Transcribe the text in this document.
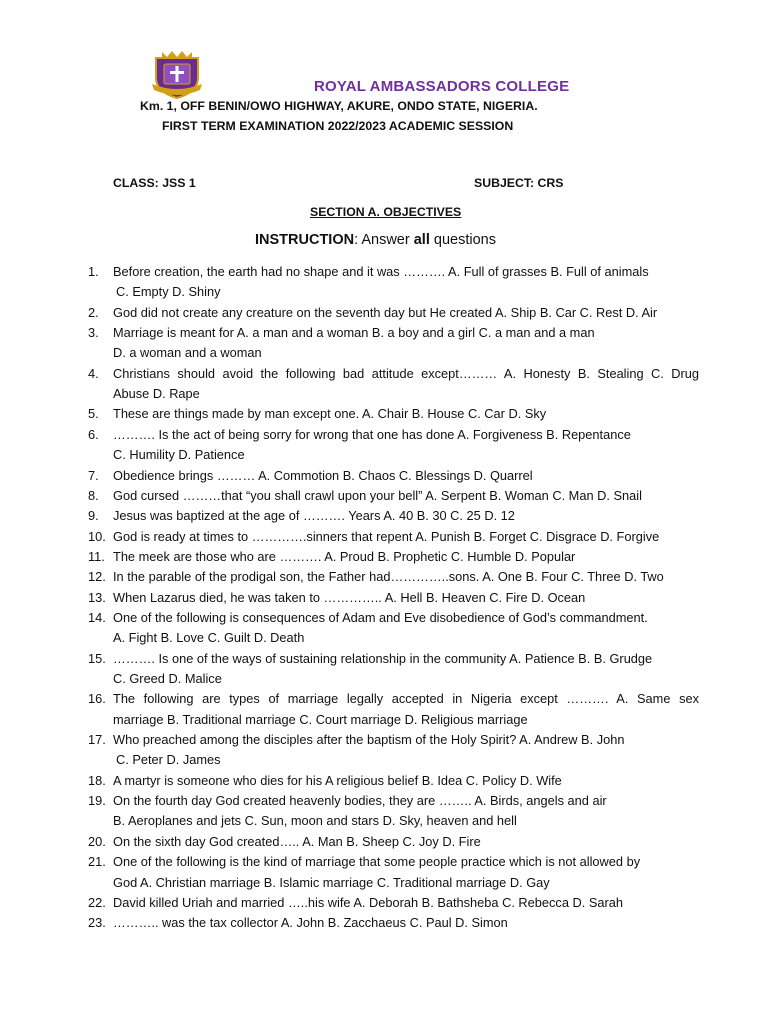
ROYAL AMBASSADORS COLLEGE
Km. 1, OFF BENIN/OWO HIGHWAY, AKURE, ONDO STATE, NIGERIA.
FIRST TERM EXAMINATION 2022/2023 ACADEMIC SESSION
CLASS: JSS 1	SUBJECT: CRS
SECTION A. OBJECTIVES
INSTRUCTION: Answer all questions
1.	Before creation, the earth had no shape and it was ………. A. Full of grasses B. Full of animals
C. Empty D. Shiny
2.	God did not create any creature on the seventh day but He created A. Ship B. Car C. Rest D. Air
3.	Marriage is meant for A. a man and a woman B. a boy and a girl C. a man and a man
D. a woman and a woman
4.	Christians should avoid the following bad attitude except……… A. Honesty B. Stealing C. Drug
Abuse D. Rape
5.	These are things made by man except one. A. Chair B. House C. Car D. Sky
6.	………. Is the act of being sorry for wrong that one has done A. Forgiveness B. Repentance
C. Humility D. Patience
7.	Obedience brings ……… A. Commotion B. Chaos C. Blessings D. Quarrel
8.	God cursed ………that “you shall crawl upon your bell” A. Serpent B. Woman C. Man D. Snail
9.	Jesus was baptized at the age of ………. Years A. 40 B. 30 C. 25 D. 12
10. God is ready at times to ………….sinners that repent A. Punish B. Forget C. Disgrace D. Forgive
11. The meek are those who are ………. A. Proud B. Prophetic C. Humble D. Popular
12. In the parable of the prodigal son, the Father had…………..sons. A. One B. Four C. Three D. Two
13. When Lazarus died, he was taken to ………….. A. Hell B. Heaven C. Fire D. Ocean
14. One of the following is consequences of Adam and Eve disobedience of God’s commandment.
A. Fight B. Love C. Guilt D. Death
15. ………. Is one of the ways of sustaining relationship in the community A. Patience B. B. Grudge
C. Greed D. Malice
16. The following are types of marriage legally accepted in Nigeria except ………. A. Same sex
marriage B. Traditional marriage C. Court marriage D. Religious marriage
17. Who preached among the disciples after the baptism of the Holy Spirit? A. Andrew B. John
C. Peter D. James
18. A martyr is someone who dies for his A religious belief B. Idea C. Policy D. Wife
19. On the fourth day God created heavenly bodies, they are …….. A. Birds, angels and air
B. Aeroplanes and jets C. Sun, moon and stars D. Sky, heaven and hell
20. On the sixth day God created….. A. Man B. Sheep C. Joy D. Fire
21. One of the following is the kind of marriage that some people practice which is not allowed by
God A. Christian marriage B. Islamic marriage C. Traditional marriage D. Gay
22. David killed Uriah and married …..his wife A. Deborah B. Bathsheba C. Rebecca D. Sarah
23. ……….. was the tax collector A. John B. Zacchaeus C. Paul D. Simon
